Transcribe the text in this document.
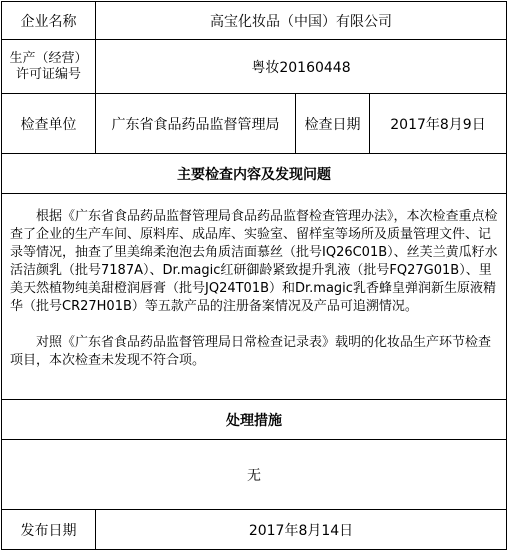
企业名称	高宝化妆品（中国）有限公司		

生产（经营）
许可证编号	粤妆20160448		
检查单位	广东省食品药品监督管理局	检查日期	2017年8月9日
主要检查内容及发现问题			

根据《广东省食品药品监督管理局食品药品监督检查管理办法》，本次检查重点检查了企业的生产车间、原料库、成品库、实验室、留样室等场所及质量管理文件、记录等情况，抽查了里美绵柔泡泡去角质洁面慕丝（批号IQ26C01B）、丝芙兰黄瓜籽水活洁颜乳（批号7187A）、Dr.magic红研御龄紧致提升乳液（批号FQ27G01B）、里美天然植物纯美甜橙润唇膏（批号JQ24T01B）和Dr.magic乳香蜂皇弹润新生原液精华（批号CR27H01B）等五款产品的注册备案情况及产品可追溯情况。

对照《广东省食品药品监督管理局日常检查记录表》载明的化妆品生产环节检查项目，本次检查未发现不符合项。			

处理措施			
无			
发布日期	2017年8月14日		
